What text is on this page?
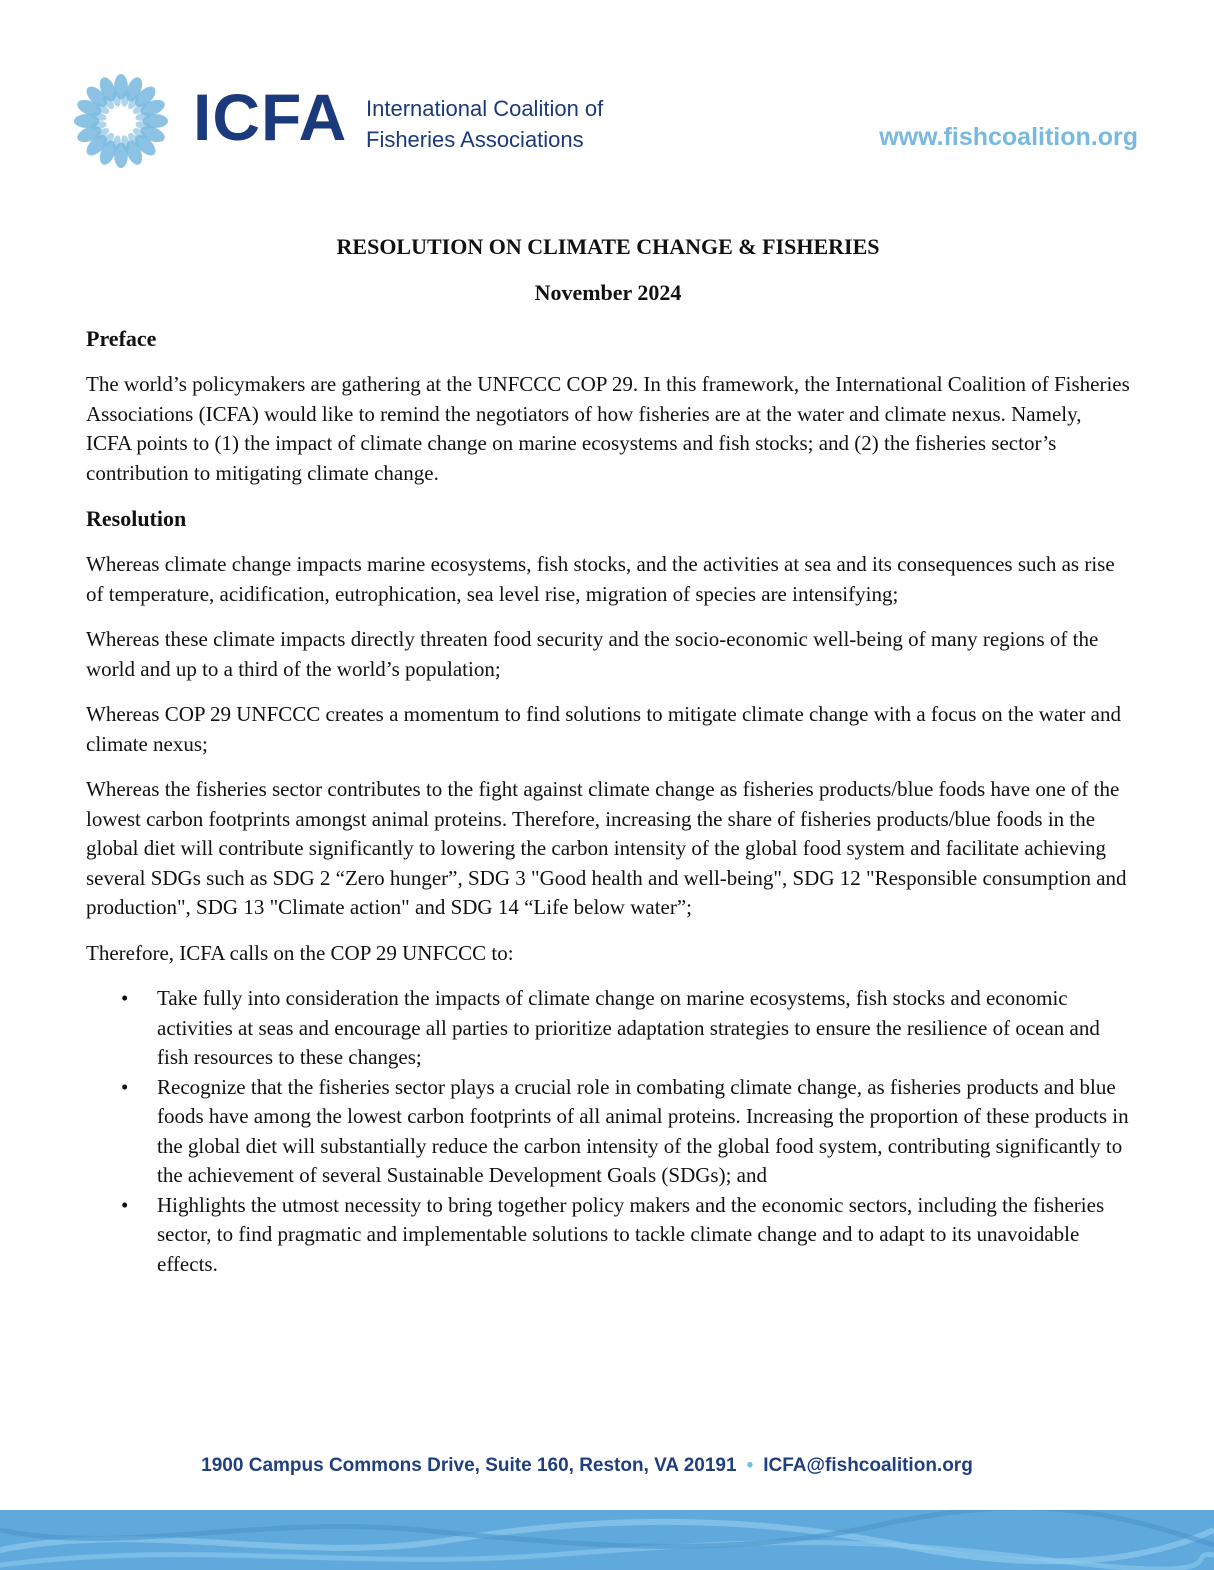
ICFA International Coalition of
Fisheries Associations	www.fishcoalition.org
RESOLUTION ON CLIMATE CHANGE & FISHERIES
November 2024
Preface

The world’s policymakers are gathering at the UNFCCC COP 29. In this framework, the International Coalition of Fisheries Associations (ICFA) would like to remind the negotiators of how fisheries are at the water and climate nexus. Namely, ICFA points to (1) the impact of climate change on marine ecosystems and fish stocks; and (2) the fisheries sector’s contribution to mitigating climate change.

Resolution

Whereas climate change impacts marine ecosystems, fish stocks, and the activities at sea and its consequences such as rise of temperature, acidification, eutrophication, sea level rise, migration of species are intensifying;

Whereas these climate impacts directly threaten food security and the socio-economic well-being of many regions of the world and up to a third of the world’s population;

Whereas COP 29 UNFCCC creates a momentum to find solutions to mitigate climate change with a focus on the water and climate nexus;

Whereas the fisheries sector contributes to the fight against climate change as fisheries products/blue foods have one of the lowest carbon footprints amongst animal proteins. Therefore, increasing the share of fisheries products/blue foods in the global diet will contribute significantly to lowering the carbon intensity of the global food system and facilitate achieving several SDGs such as SDG 2 “Zero hunger”, SDG 3 "Good health and well-being", SDG 12 "Responsible consumption and production", SDG 13 "Climate action" and SDG 14 “Life below water”;

Therefore, ICFA calls on the COP 29 UNFCCC to:

• Take fully into consideration the impacts of climate change on marine ecosystems, fish stocks and economic activities at seas and encourage all parties to prioritize adaptation strategies to ensure the resilience of ocean and fish resources to these changes;
• Recognize that the fisheries sector plays a crucial role in combating climate change, as fisheries products and blue foods have among the lowest carbon footprints of all animal proteins. Increasing the proportion of these products in the global diet will substantially reduce the carbon intensity of the global food system, contributing significantly to the achievement of several Sustainable Development Goals (SDGs); and
• Highlights the utmost necessity to bring together policy makers and the economic sectors, including the fisheries sector, to find pragmatic and implementable solutions to tackle climate change and to adapt to its unavoidable effects.
1900 Campus Commons Drive, Suite 160, Reston, VA 20191 • ICFA@fishcoalition.org
